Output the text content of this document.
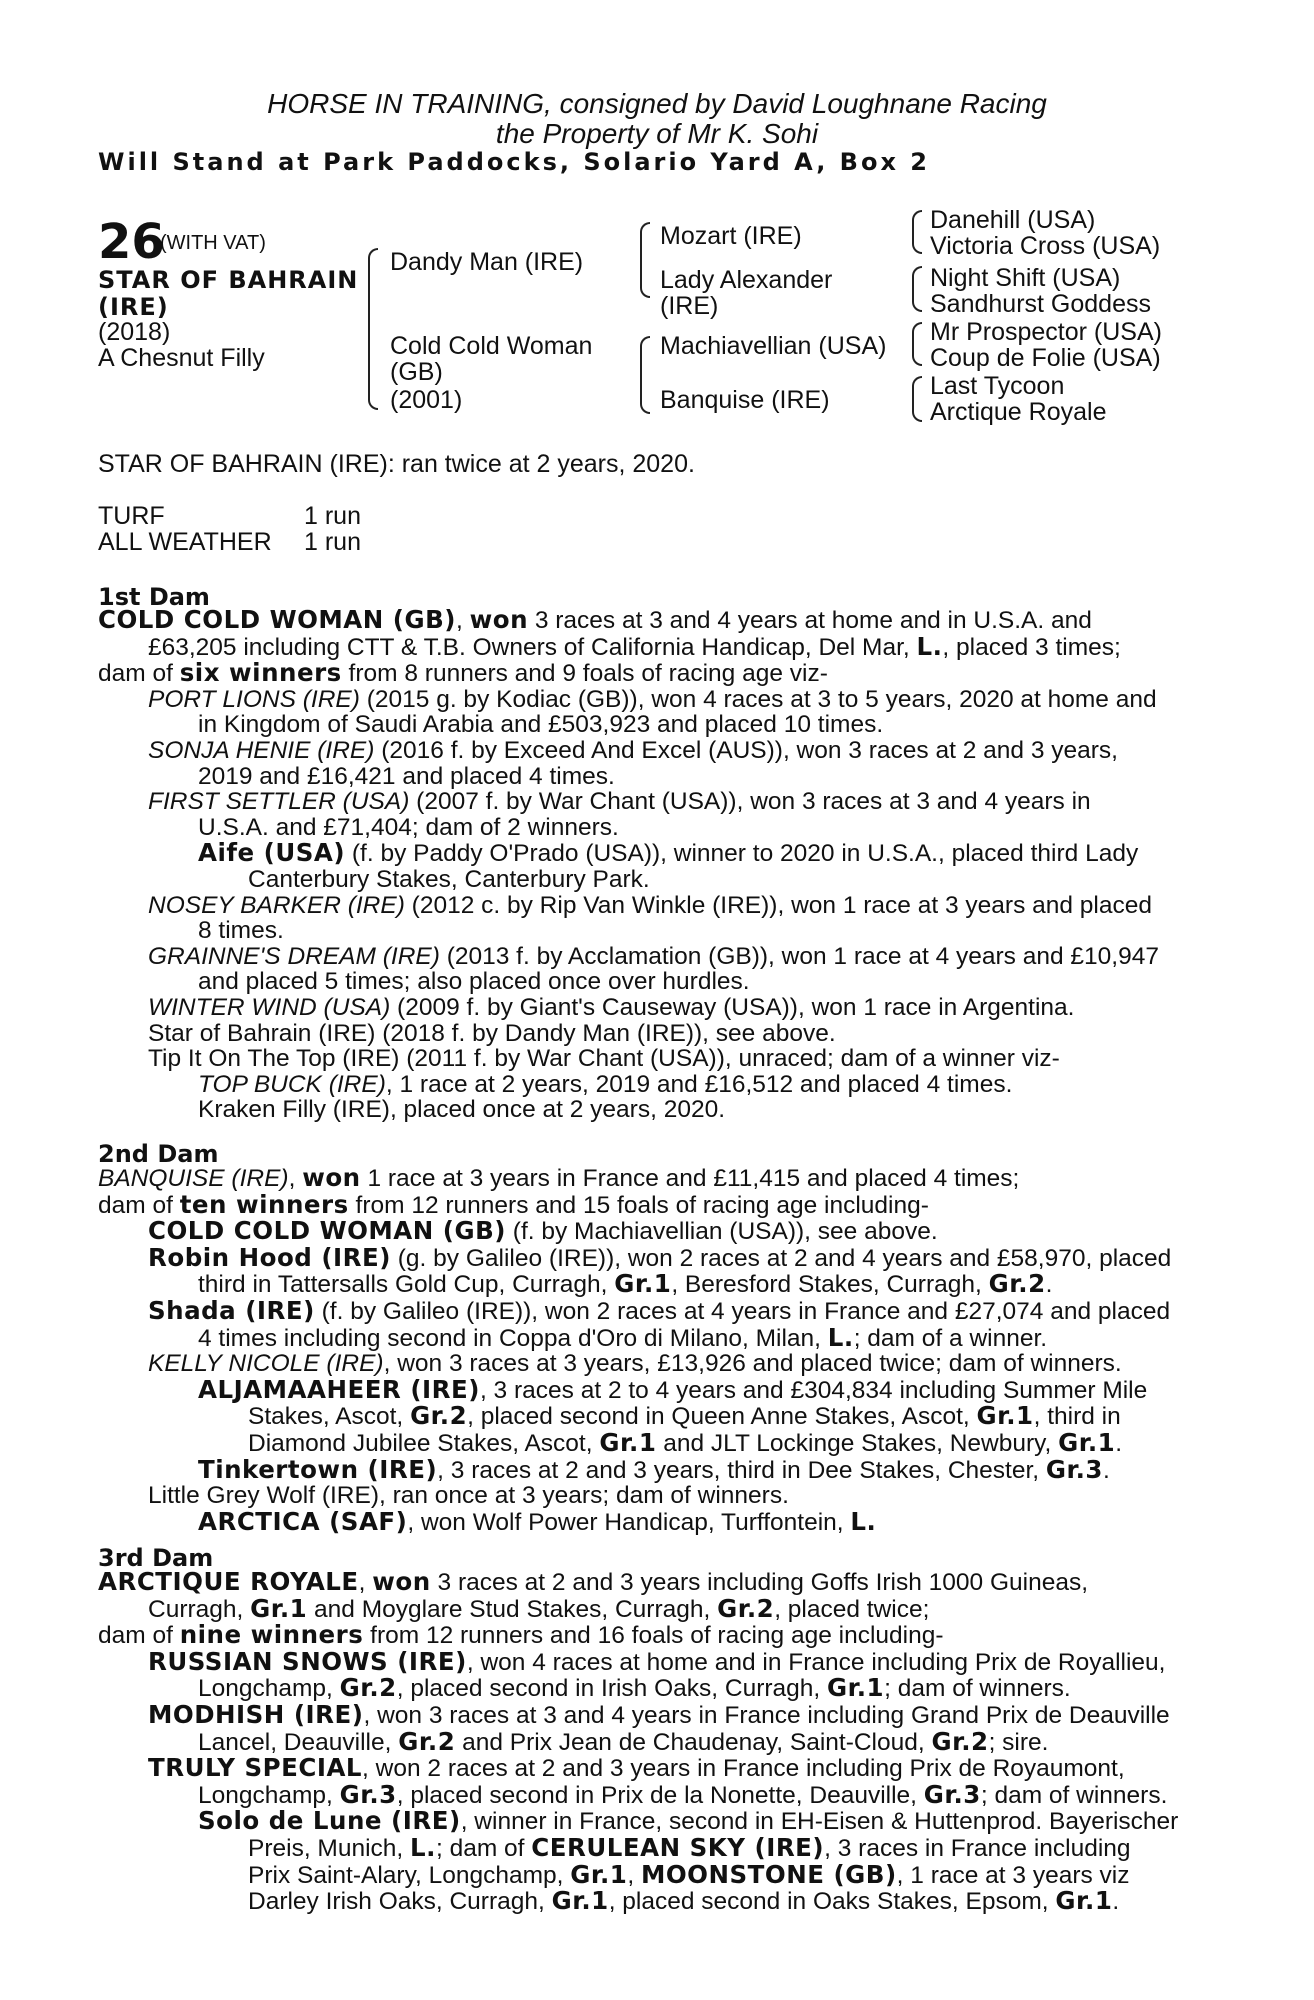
HORSE IN TRAINING, consigned by David Loughnane Racing
the Property of Mr K. Sohi
Will Stand at Park Paddocks, Solario Yard A, Box 2
26
(WITH VAT)
STAR OF BAHRAIN
(IRE)
(2018)
A Chesnut Filly
Dandy Man (IRE)
Cold Cold Woman
(GB)
(2001)
Mozart (IRE)
Lady Alexander
(IRE)
Machiavellian (USA)
Banquise (IRE)
Danehill (USA)
Victoria Cross (USA)
Night Shift (USA)
Sandhurst Goddess
Mr Prospector (USA)
Coup de Folie (USA)
Last Tycoon
Arctique Royale
STAR OF BAHRAIN (IRE): ran twice at 2 years, 2020.
TURF	1 run
ALL WEATHER 1 run
1st Dam
COLD COLD WOMAN (GB), won 3 races at 3 and 4 years at home and in U.S.A. and
£63,205 including CTT & T.B. Owners of California Handicap, Del Mar, L., placed 3 times;
dam of six winners from 8 runners and 9 foals of racing age viz-
PORT LIONS (IRE) (2015 g. by Kodiac (GB)), won 4 races at 3 to 5 years, 2020 at home and
in Kingdom of Saudi Arabia and £503,923 and placed 10 times.
SONJA HENIE (IRE) (2016 f. by Exceed And Excel (AUS)), won 3 races at 2 and 3 years,
2019 and £16,421 and placed 4 times.
FIRST SETTLER (USA) (2007 f. by War Chant (USA)), won 3 races at 3 and 4 years in
U.S.A. and £71,404; dam of 2 winners.
Aife (USA) (f. by Paddy O'Prado (USA)), winner to 2020 in U.S.A., placed third Lady
Canterbury Stakes, Canterbury Park.
NOSEY BARKER (IRE) (2012 c. by Rip Van Winkle (IRE)), won 1 race at 3 years and placed
8 times.
GRAINNE'S DREAM (IRE) (2013 f. by Acclamation (GB)), won 1 race at 4 years and £10,947
and placed 5 times; also placed once over hurdles.
WINTER WIND (USA) (2009 f. by Giant's Causeway (USA)), won 1 race in Argentina.
Star of Bahrain (IRE) (2018 f. by Dandy Man (IRE)), see above.
Tip It On The Top (IRE) (2011 f. by War Chant (USA)), unraced; dam of a winner viz-
TOP BUCK (IRE), 1 race at 2 years, 2019 and £16,512 and placed 4 times.
Kraken Filly (IRE), placed once at 2 years, 2020.
2nd Dam
BANQUISE (IRE), won 1 race at 3 years in France and £11,415 and placed 4 times;
dam of ten winners from 12 runners and 15 foals of racing age including-
COLD COLD WOMAN (GB) (f. by Machiavellian (USA)), see above.
Robin Hood (IRE) (g. by Galileo (IRE)), won 2 races at 2 and 4 years and £58,970, placed
third in Tattersalls Gold Cup, Curragh, Gr.1, Beresford Stakes, Curragh, Gr.2.
Shada (IRE) (f. by Galileo (IRE)), won 2 races at 4 years in France and £27,074 and placed
4 times including second in Coppa d'Oro di Milano, Milan, L.; dam of a winner.
KELLY NICOLE (IRE), won 3 races at 3 years, £13,926 and placed twice; dam of winners.
ALJAMAAHEER (IRE), 3 races at 2 to 4 years and £304,834 including Summer Mile
Stakes, Ascot, Gr.2, placed second in Queen Anne Stakes, Ascot, Gr.1, third in
Diamond Jubilee Stakes, Ascot, Gr.1 and JLT Lockinge Stakes, Newbury, Gr.1.
Tinkertown (IRE), 3 races at 2 and 3 years, third in Dee Stakes, Chester, Gr.3.
Little Grey Wolf (IRE), ran once at 3 years; dam of winners.
ARCTICA (SAF), won Wolf Power Handicap, Turffontein, L.
3rd Dam
ARCTIQUE ROYALE, won 3 races at 2 and 3 years including Goffs Irish 1000 Guineas,
Curragh, Gr.1 and Moyglare Stud Stakes, Curragh, Gr.2, placed twice;
dam of nine winners from 12 runners and 16 foals of racing age including-
RUSSIAN SNOWS (IRE), won 4 races at home and in France including Prix de Royallieu,
Longchamp, Gr.2, placed second in Irish Oaks, Curragh, Gr.1; dam of winners.
MODHISH (IRE), won 3 races at 3 and 4 years in France including Grand Prix de Deauville
Lancel, Deauville, Gr.2 and Prix Jean de Chaudenay, Saint-Cloud, Gr.2; sire.
TRULY SPECIAL, won 2 races at 2 and 3 years in France including Prix de Royaumont,
Longchamp, Gr.3, placed second in Prix de la Nonette, Deauville, Gr.3; dam of winners.
Solo de Lune (IRE), winner in France, second in EH-Eisen & Huttenprod. Bayerischer
Preis, Munich, L.; dam of CERULEAN SKY (IRE), 3 races in France including
Prix Saint-Alary, Longchamp, Gr.1, MOONSTONE (GB), 1 race at 3 years viz
Darley Irish Oaks, Curragh, Gr.1, placed second in Oaks Stakes, Epsom, Gr.1.
